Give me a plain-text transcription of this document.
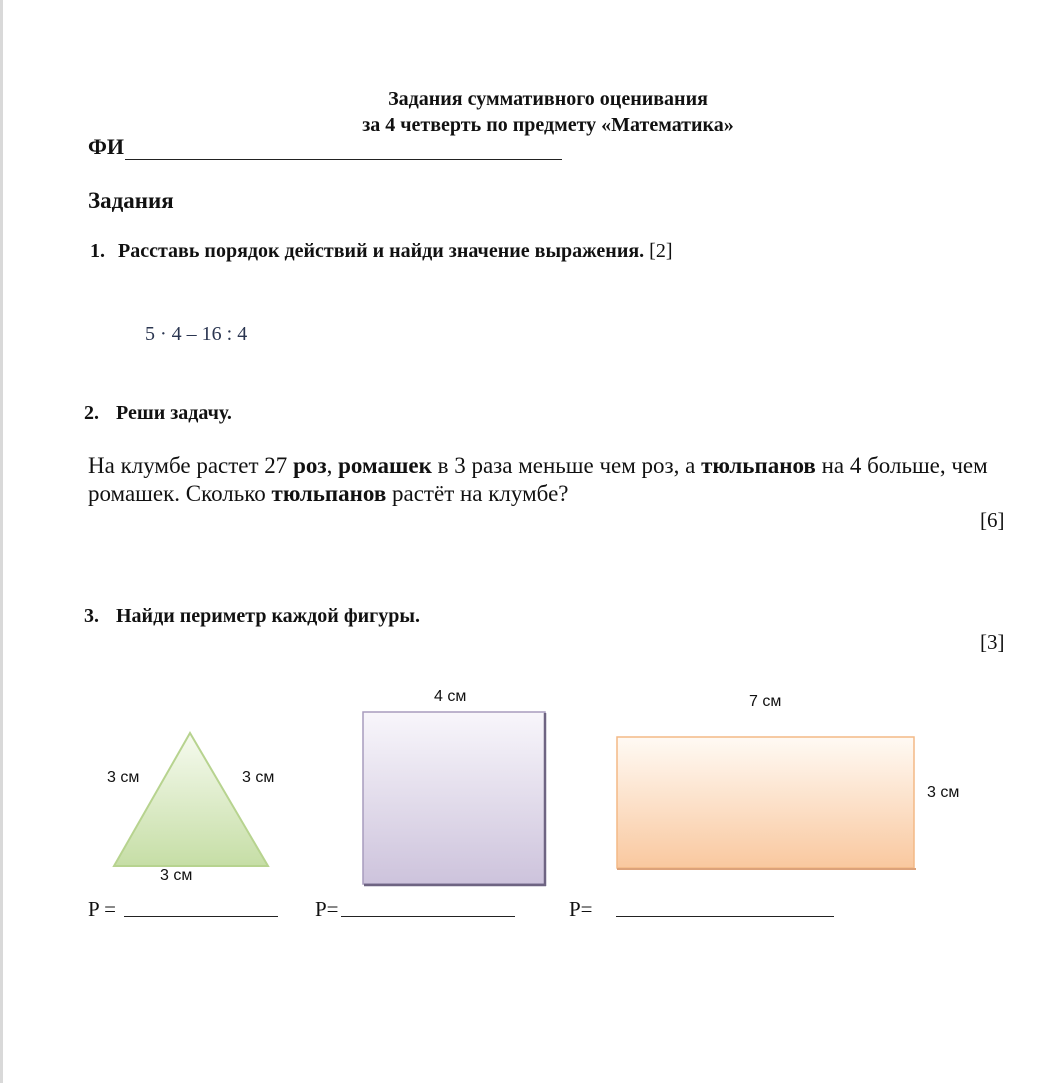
Задания суммативного оценивания
за 4 четверть по предмету «Математика»
ФИ
Задания
1. Расставь порядок действий и найди значение выражения. [2]
5 · 4 – 16 : 4
2. Реши задачу.
На клумбе растет 27 роз, ромашек в 3 раза меньше чем роз, а тюльпанов на 4 больше, чем ромашек. Сколько тюльпанов растёт на клумбе?
[6]
3. Найди периметр каждой фигуры.
[3]
3 см	3 см
3 см
4 см	7 см
3 см
P =	P=	P=
